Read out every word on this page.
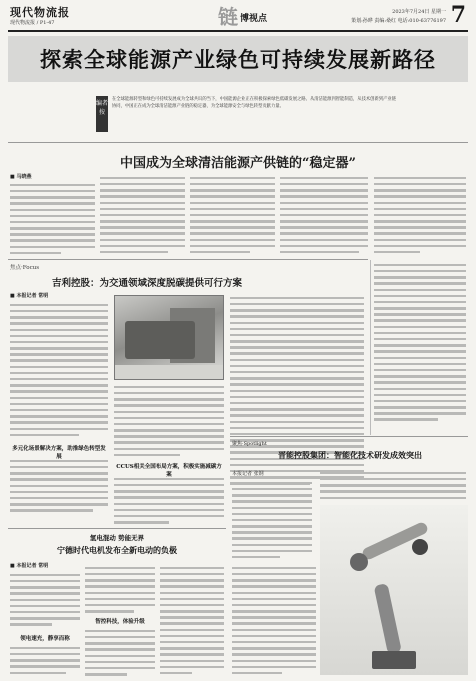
现代物流报
现代物流报 / P1-47	链 博视点
2023年7月24日 星期一
策划:孙晔 责编:桑红 电话:010-63776197 7
探索全球能源产业绿色可持续发展新路径
编者按
在全球能源转型和绿色可持续发展成为全球共识的当下，中国能源企业正在积极探索绿色低碳发展之路。从清洁能源到智能制造，从技术创新到产业链协同，中国正在成为全球清洁能源产业链的稳定器，为全球能源安全与绿色转型贡献力量。
中国成为全球清洁能源产供链的“稳定器”
■ 马晓燕
焦点·Focus
吉利控股：为交通领域深度脱碳提供可行方案
■ 本报记者 常明
多元化场景解决方案，助推绿色转型发展
CCUS相关全国布局方案，积极实施减碳方案
聚焦·Spotlight
晋能控股集团：智能化技术研发成效突出
本报记者 张钢
氢电混动 势能无界
宁德时代电机发布全新电动的负极
■ 本报记者 常明
领电速充，静享而称
智控科技，体验升级
